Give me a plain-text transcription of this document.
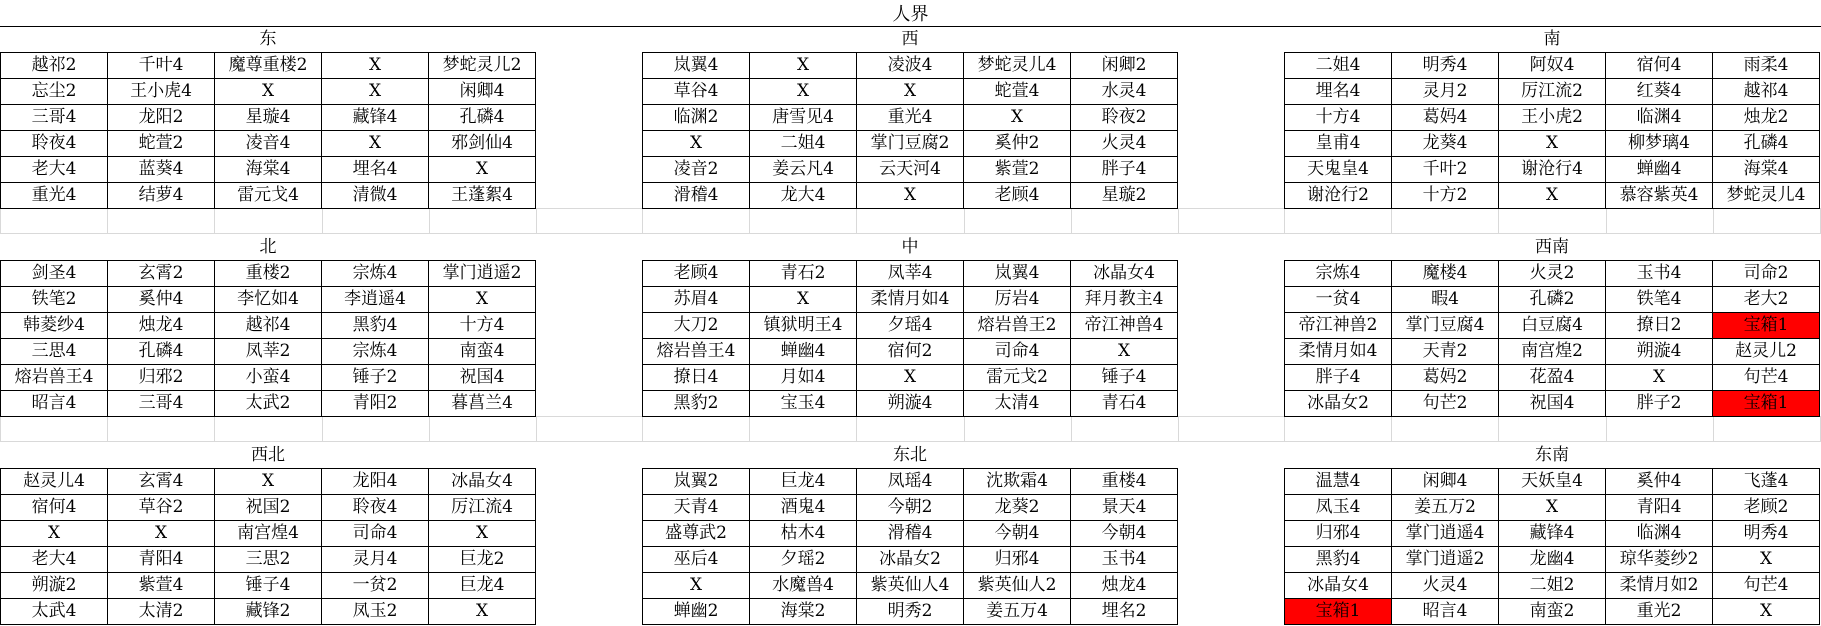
人界
东
越祁2	千叶4	魔尊重楼2	X	梦蛇灵儿2
忘尘2	王小虎4	X	X	闲卿4
三哥4	龙阳2	星璇4	藏锋4	孔磷4
聆夜4	蛇萱2	凌音4	X	邪剑仙4
老大4	蓝葵4	海棠4	埋名4	X
重光4	结萝4	雷元戈4	清微4	王蓬絮4
西
岚翼4	X	凌波4	梦蛇灵儿4	闲卿2
草谷4	X	X	蛇萱4	水灵4
临渊2	唐雪见4	重光4	X	聆夜2
X	二姐4	掌门豆腐2	奚仲2	火灵4
凌音2	姜云凡4	云天河4	紫萱2	胖子4
滑稽4	龙大4	X	老顾4	星璇2
南
二姐4	明秀4	阿奴4	宿何4	雨柔4
埋名4	灵月2	厉江流2	红葵4	越祁4
十方4	葛妈4	王小虎2	临渊4	烛龙2
皇甫4	龙葵4	X	柳梦璃4	孔磷4
天鬼皇4	千叶2	谢沧行4	蝉幽4	海棠4
谢沧行2	十方2	X	慕容紫英4	梦蛇灵儿4
北
剑圣4	玄霄2	重楼2	宗炼4	掌门逍遥2
铁笔2	奚仲4	李忆如4	李逍遥4	X
韩菱纱4	烛龙4	越祁4	黑豹4	十方4
三思4	孔磷4	凤莘2	宗炼4	南蛮4
熔岩兽王4	归邪2	小蛮4	锤子2	祝国4
昭言4	三哥4	太武2	青阳2	暮菖兰4
中
老顾4	青石2	凤莘4	岚翼4	冰晶女4
苏眉4	X	柔情月如4	厉岩4	拜月教主4
大刀2	镇狱明王4	夕瑶4	熔岩兽王2	帝江神兽4
熔岩兽王4	蝉幽4	宿何2	司命4	X
撩日4	月如4	X	雷元戈2	锤子4
黑豹2	宝玉4	朔漩4	太清4	青石4
西南
宗炼4	魔楼4	火灵2	玉书4	司命2
一贫4	暇4	孔磷2	铁笔4	老大2
帝江神兽2	掌门豆腐4	白豆腐4	撩日2	宝箱1
柔情月如4	天青2	南宫煌2	朔漩4	赵灵儿2
胖子4	葛妈2	花盈4	X	句芒4
冰晶女2	句芒2	祝国4	胖子2	宝箱1
西北
赵灵儿4	玄霄4	X	龙阳4	冰晶女4
宿何4	草谷2	祝国2	聆夜4	厉江流4
X	X	南宫煌4	司命4	X
老大4	青阳4	三思2	灵月4	巨龙2
朔漩2	紫萱4	锤子4	一贫2	巨龙4
太武4	太清2	藏锋2	凤玉2	X
东北
岚翼2	巨龙4	凤瑶4	沈欺霜4	重楼4
天青4	酒鬼4	今朝2	龙葵2	景天4
盛尊武2	枯木4	滑稽4	今朝4	今朝4
巫后4	夕瑶2	冰晶女2	归邪4	玉书4
X	水魔兽4	紫英仙人4	紫英仙人2	烛龙4
蝉幽2	海棠2	明秀2	姜五万4	埋名2
东南
温慧4	闲卿4	天妖皇4	奚仲4	飞蓬4
凤玉4	姜五万2	X	青阳4	老顾2
归邪4	掌门逍遥4	藏锋4	临渊4	明秀4
黑豹4	掌门逍遥2	龙幽4	琼华菱纱2	X
冰晶女4	火灵4	二姐2	柔情月如2	句芒4
宝箱1	昭言4	南蛮2	重光2	X
